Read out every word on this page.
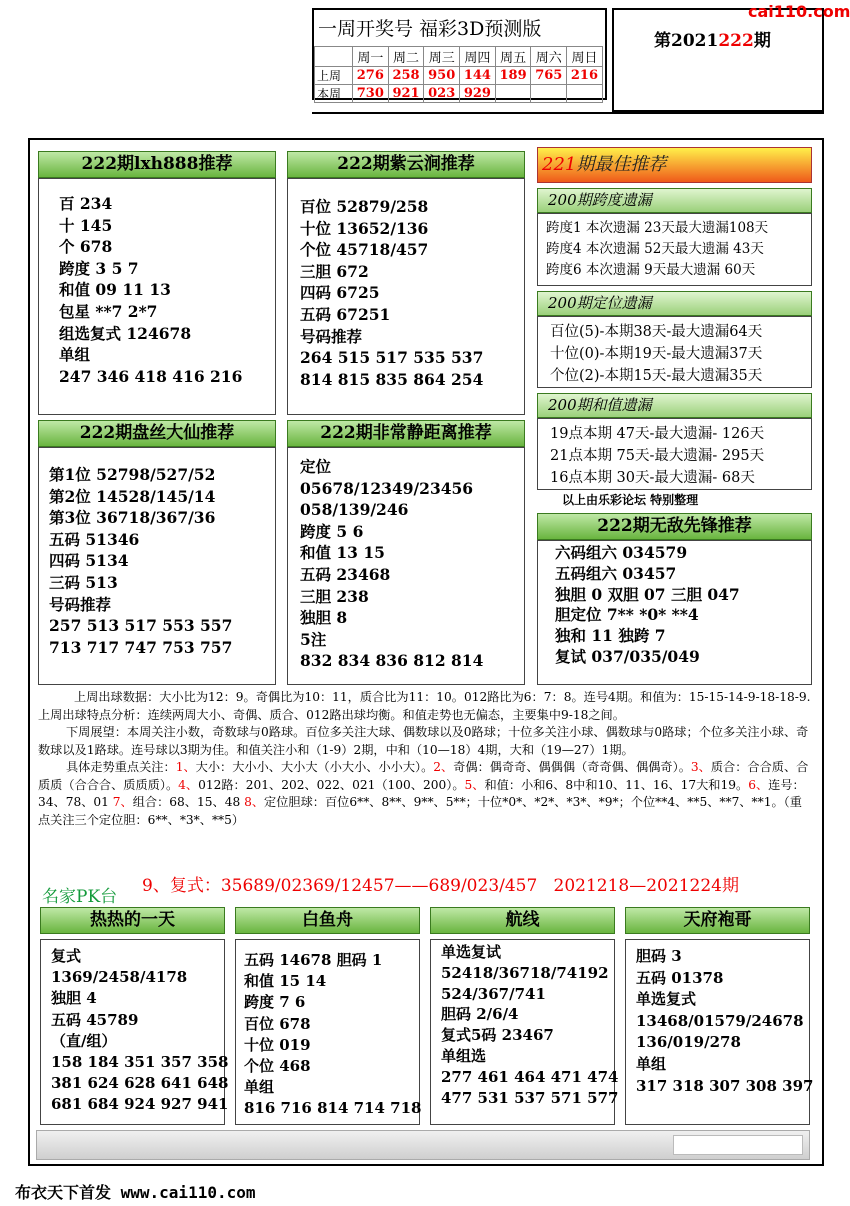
一周开奖号 福彩3D预测版
	周一	周二	周三	周四	周五	周六	周日
上周	276	258	950	144	189	765	216
本周	730	921	023	929			
第2021222期
cai110.com
222期lxh888推荐
百 234
十 145
个 678
跨度 3 5 7
和值 09 11 13
包星 **7 2*7
组选复式 124678
单组
247 346 418 416 216
222期盘丝大仙推荐
第1位 52798/527/52
第2位 14528/145/14
第3位 36718/367/36
五码 51346
四码 5134
三码 513
号码推荐
257 513 517 553 557
713 717 747 753 757
222期紫云涧推荐
百位 52879/258
十位 13652/136
个位 45718/457
三胆 672
四码 6725
五码 67251
号码推荐
264 515 517 535 537
814 815 835 864 254
222期非常静距离推荐
定位
05678/12349/23456
058/139/246
跨度 5 6
和值 13 15
五码 23468
三胆 238
独胆 8
5注
832 834 836 812 814
221期最佳推荐
200期跨度遗漏
跨度1 本次遗漏 23天最大遗漏108天
跨度4 本次遗漏 52天最大遗漏 43天
跨度6 本次遗漏 9天最大遗漏 60天
200期定位遗漏
百位(5)-本期38天-最大遗漏64天
十位(0)-本期19天-最大遗漏37天
个位(2)-本期15天-最大遗漏35天
200期和值遗漏
19点本期 47天-最大遗漏- 126天
21点本期 75天-最大遗漏- 295天
16点本期 30天-最大遗漏- 68天
以上由乐彩论坛 特别整理
222期无敌先锋推荐
六码组六 034579
五码组六 03457
独胆 0 双胆 07 三胆 047
胆定位 7** *0* **4
独和 11 独跨 7
复试 037/035/049

上周出球数据：大小比为12：9。奇偶比为10：11，质合比为11：10。012路比为6：7：8。连号4期。和值为：15-15-14-9-18-18-9.上周出球特点分析：连续两周大小、奇偶、质合、012路出球均衡。和值走势也无偏态，主要集中9-18之间。

下周展望：本周关注小数，奇数球与0路球。百位多关注大球、偶数球以及0路球；十位多关注小球、偶数球与0路球；个位多关注小球、奇数球以及1路球。连号球以3期为佳。和值关注小和（1-9）2期，中和（10—18）4期，大和（19—27）1期。

具体走势重点关注：1、大小：大小小、大小大（小大小、小小大）。2、奇偶：偶奇奇、偶偶偶（奇奇偶、偶偶奇）。3、质合：合合质、合质质（合合合、质质质）。4、012路：201、202、022、021（100、200）。5、和值：小和6、8中和10、11、16、17大和19。6、连号：34、78、01 7、组合：68、15、48 8、定位胆球：百位6**、8**、9**、5**；十位*0*、*2*、*3*、*9*；个位**4、**5、**7、**1。（重点关注三个定位胆：6**、*3*、**5）

名家PK台
9、复式：35689/02369/12457——689/023/457 2021218—2021224期
热热的一天
复式
1369/2458/4178
独胆 4
五码 45789
（直/组）
158 184 351 357 358
381 624 628 641 648
681 684 924 927 941
白鱼舟
五码 14678 胆码 1
和值 15 14
跨度 7 6
百位 678
十位 019
个位 468
单组
816 716 814 714 718
航线
单选复试
52418/36718/74192
524/367/741
胆码 2/6/4
复式5码 23467
单组选
277 461 464 471 474
477 531 537 571 577
天府袍哥
胆码 3
五码 01378
单选复式
13468/01579/24678
136/019/278
单组
317 318 307 308 397
布衣天下首发 www.cai110.com
